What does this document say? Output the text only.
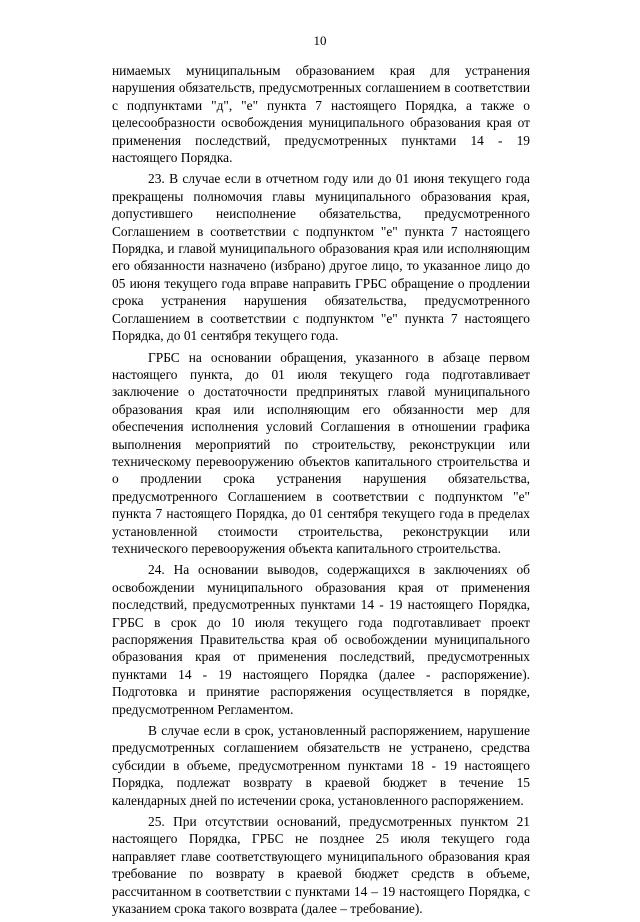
10

нимаемых муниципальным образованием края для устранения нарушения обязательств, предусмотренных соглашением в соответствии с подпунктами "д", "е" пункта 7 настоящего Порядка, а также о целесообразности освобождения муниципального образования края от применения последствий, предусмотренных пунктами 14 - 19 настоящего Порядка.

23. В случае если в отчетном году или до 01 июня текущего года прекращены полномочия главы муниципального образования края, допустившего неисполнение обязательства, предусмотренного Соглашением в соответствии с подпунктом "е" пункта 7 настоящего Порядка, и главой муниципального образования края или исполняющим его обязанности назначено (избрано) другое лицо, то указанное лицо до 05 июня текущего года вправе направить ГРБС обращение о продлении срока устранения нарушения обязательства, предусмотренного Соглашением в соответствии с подпунктом "е" пункта 7 настоящего Порядка, до 01 сентября текущего года.

ГРБС на основании обращения, указанного в абзаце первом настоящего пункта, до 01 июля текущего года подготавливает заключение о достаточности предпринятых главой муниципального образования края или исполняющим его обязанности мер для обеспечения исполнения условий Соглашения в отношении графика выполнения мероприятий по строительству, реконструкции или техническому перевооружению объектов капитального строительства и о продлении срока устранения нарушения обязательства, предусмотренного Соглашением в соответствии с подпунктом "е" пункта 7 настоящего Порядка, до 01 сентября текущего года в пределах установленной стоимости строительства, реконструкции или технического перевооружения объекта капитального строительства.

24. На основании выводов, содержащихся в заключениях об освобождении муниципального образования края от применения последствий, предусмотренных пунктами 14 - 19 настоящего Порядка, ГРБС в срок до 10 июля текущего года подготавливает проект распоряжения Правительства края об освобождении муниципального образования края от применения последствий, предусмотренных пунктами 14 - 19 настоящего Порядка (далее - распоряжение). Подготовка и принятие распоряжения осуществляется в порядке, предусмотренном Регламентом.

В случае если в срок, установленный распоряжением, нарушение предусмотренных соглашением обязательств не устранено, средства субсидии в объеме, предусмотренном пунктами 18 - 19 настоящего Порядка, подлежат возврату в краевой бюджет в течение 15 календарных дней по истечении срока, установленного распоряжением.

25. При отсутствии оснований, предусмотренных пунктом 21 настоящего Порядка, ГРБС не позднее 25 июля текущего года направляет главе соответствующего муниципального образования края требование по возврату в краевой бюджет средств в объеме, рассчитанном в соответствии с пунктами 14 – 19 настоящего Порядка, с указанием срока такого возврата (далее – требование).
